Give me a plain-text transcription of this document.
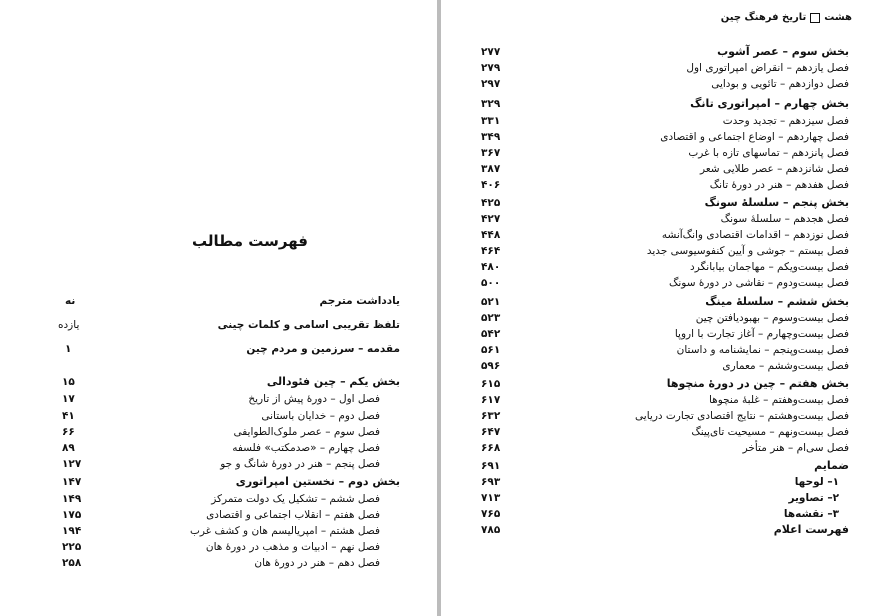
فهرست مطالب
یادداشت مترجم
نه
تلفظ تقریبی اسامی و کلمات چینی
یازده
مقدمه – سرزمین و مردم چین
۱
بخش یکم – چین فئودالی
۱۵
فصل اول – دورهٔ پیش از تاریخ
۱۷
فصل دوم – خدایان باستانی
۴۱
فصل سوم – عصر ملوک‌الطوایفی
۶۶
فصل چهارم – «صدمکتب» فلسفه
۸۹
فصل پنجم – هنر در دورهٔ شانگ و جو
۱۲۷
بخش دوم – نخستین امپراتوری
۱۴۷
فصل ششم – تشکیل یک دولت متمرکز
۱۴۹
فصل هفتم – انقلاب اجتماعی و اقتصادی
۱۷۵
فصل هشتم – امپریالیسم هان و کشف غرب
۱۹۴
فصل نهم – ادبیات و مذهب در دورهٔ هان
۲۲۵
فصل دهم – هنر در دورهٔ هان
۲۵۸
هشت
تاریخ فرهنگ چین
بخش سوم – عصر آشوب
۲۷۷
فصل یازدهم – انقراض امپراتوری اول
۲۷۹
فصل دوازدهم – تائویی و بودایی
۲۹۷
بخش چهارم – امپراتوری تانگ
۳۲۹
فصل سیزدهم – تجدید وحدت
۳۳۱
فصل چهاردهم – اوضاع اجتماعی و اقتصادی
۳۴۹
فصل پانزدهم – تماسهای تازه با غرب
۳۶۷
فصل شانزدهم – عصر طلایی شعر
۳۸۷
فصل هفدهم – هنر در دورهٔ تانگ
۴۰۶
بخش پنجم – سلسلهٔ سونگ
۴۲۵
فصل هجدهم – سلسلهٔ سونگ
۴۲۷
فصل نوزدهم – اقدامات اقتصادی وانگ‌آنشه
۴۴۸
فصل بیستم – جوشی و آیین کنفوسیوسی جدید
۴۶۴
فصل بیست‌ویکم – مهاجمان بیابانگرد
۴۸۰
فصل بیست‌ودوم – نقاشی در دورهٔ سونگ
۵۰۰
بخش ششم – سلسلهٔ مینگ
۵۲۱
فصل بیست‌وسوم – بهبودیافتن چین
۵۲۳
فصل بیست‌وچهارم – آغاز تجارت با اروپا
۵۴۲
فصل بیست‌وپنجم – نمایشنامه و داستان
۵۶۱
فصل بیست‌وششم – معماری
۵۹۶
بخش هفتم – چین در دورهٔ منچوها
۶۱۵
فصل بیست‌وهفتم – غلبهٔ منچوها
۶۱۷
فصل بیست‌وهشتم – نتایج اقتصادی تجارت دریایی
۶۳۲
فصل بیست‌ونهم – مسیحیت تای‌پینگ
۶۴۷
فصل سی‌ام – هنر متأخر
۶۶۸
ضمایم
۶۹۱
۱– لوحها
۶۹۳
۲– تصاویر
۷۱۳
۳– نقشه‌ها
۷۶۵
فهرست اعلام
۷۸۵
